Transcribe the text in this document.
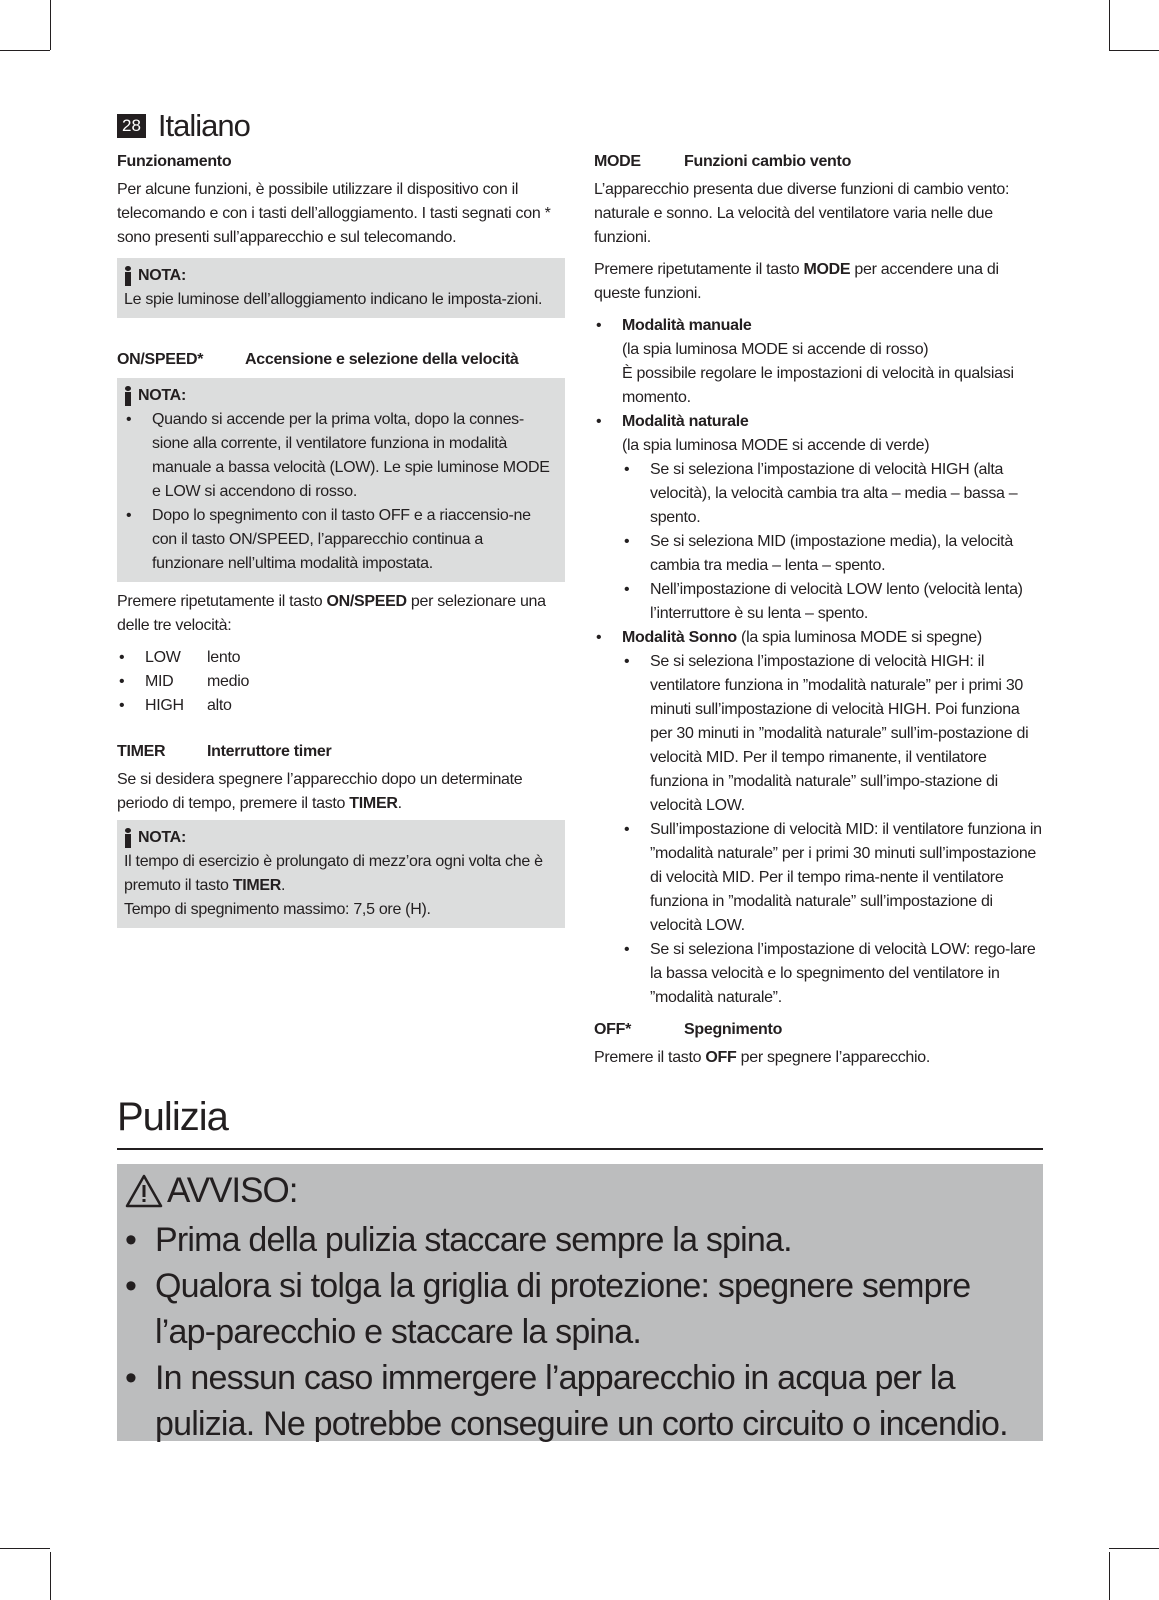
28 Italiano

Funzionamento

Per alcune funzioni, è possibile utilizzare il dispositivo con il telecomando e con i tasti dell’alloggiamento. I tasti segnati con * sono presenti sull’apparecchio e sul telecomando.

NOTA:
Le spie luminose dell’alloggiamento indicano le imposta-zioni.
ON/SPEED*	Accensione e selezione della velocità
NOTA:
• Quando si accende per la prima volta, dopo la connes-sione alla corrente, il ventilatore funziona in modalità manuale a bassa velocità (LOW). Le spie luminose MODE e LOW si accendono di rosso.
• Dopo lo spegnimento con il tasto OFF e a riaccensio-ne con il tasto ON/SPEED, l’apparecchio continua a funzionare nell’ultima modalità impostata.

Premere ripetutamente il tasto ON/SPEED per selezionare una delle tre velocità:

• LOW lento
• MID medio
• HIGH alto
TIMER	Interruttore timer

Se si desidera spegnere l’apparecchio dopo un determinate periodo di tempo, premere il tasto TIMER.

NOTA:
Il tempo di esercizio è prolungato di mezz’ora ogni volta che è premuto il tasto TIMER.
Tempo di spegnimento massimo: 7,5 ore (H).
MODE	Funzioni cambio vento

L’apparecchio presenta due diverse funzioni di cambio vento: naturale e sonno. La velocità del ventilatore varia nelle due funzioni.

Premere ripetutamente il tasto MODE per accendere una di queste funzioni.

• Modalità manuale
(la spia luminosa MODE si accende di rosso)
È possibile regolare le impostazioni di velocità in qualsiasi momento.
• Modalità naturale
(la spia luminosa MODE si accende di verde)
• Se si seleziona l’impostazione di velocità HIGH (alta velocità), la velocità cambia tra alta – media – bassa – spento.
• Se si seleziona MID (impostazione media), la velocità cambia tra media – lenta – spento.
• Nell’impostazione di velocità LOW lento (velocità lenta) l’interruttore è su lenta – spento.
• Modalità Sonno (la spia luminosa MODE si spegne)
• Se si seleziona l’impostazione di velocità HIGH: il ventilatore funziona in ”modalità naturale” per i primi 30 minuti sull’impostazione di velocità HIGH. Poi funziona per 30 minuti in ”modalità naturale” sull’im-postazione di velocità MID. Per il tempo rimanente, il ventilatore funziona in ”modalità naturale” sull’impo-stazione di velocità LOW.
• Sull’impostazione di velocità MID: il ventilatore funziona in ”modalità naturale” per i primi 30 minuti sull’impostazione di velocità MID. Per il tempo rima-nente il ventilatore funziona in ”modalità naturale” sull’impostazione di velocità LOW.
• Se si seleziona l’impostazione di velocità LOW: rego-lare la bassa velocità e lo spegnimento del ventilatore in ”modalità naturale”.
OFF*	Spegnimento

Premere il tasto OFF per spegnere l’apparecchio.

Pulizia
AVVISO:
• Prima della pulizia staccare sempre la spina.
• Qualora si tolga la griglia di protezione: spegnere sempre l’ap-parecchio e staccare la spina.
• In nessun caso immergere l’apparecchio in acqua per la pulizia. Ne potrebbe conseguire un corto circuito o incendio.
